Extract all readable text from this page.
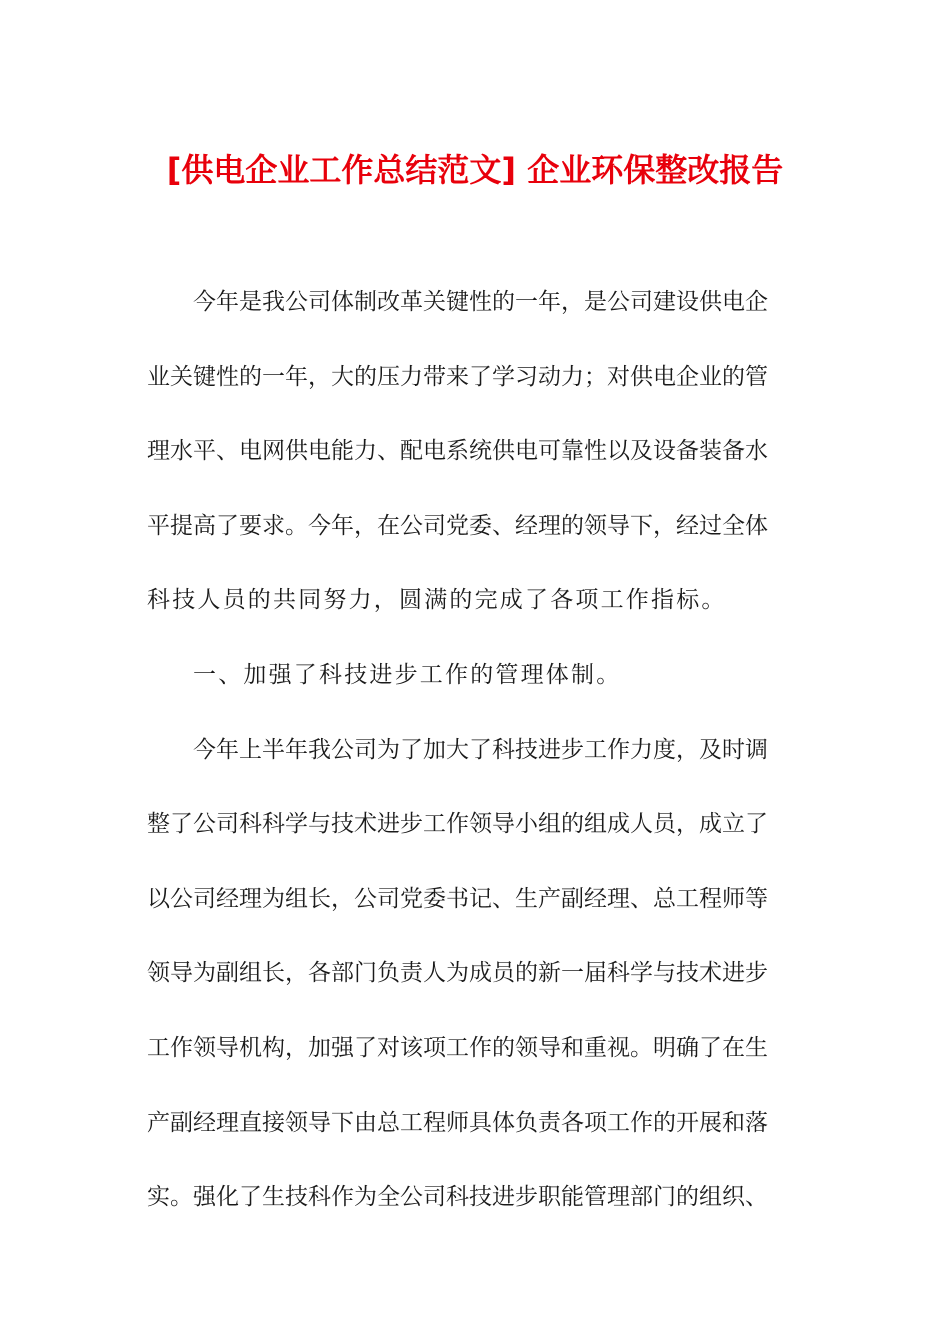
[供电企业工作总结范文] 企业环保整改报告
今年是我公司体制改革关键性的一年，是公司建设供电企
业关键性的一年，大的压力带来了学习动力；对供电企业的管
理水平、电网供电能力、配电系统供电可靠性以及设备装备水
平提高了要求。今年，在公司党委、经理的领导下，经过全体
科技人员的共同努力，圆满的完成了各项工作指标。
一、加强了科技进步工作的管理体制。
今年上半年我公司为了加大了科技进步工作力度，及时调
整了公司科科学与技术进步工作领导小组的组成人员，成立了
以公司经理为组长，公司党委书记、生产副经理、总工程师等
领导为副组长，各部门负责人为成员的新一届科学与技术进步
工作领导机构，加强了对该项工作的领导和重视。明确了在生
产副经理直接领导下由总工程师具体负责各项工作的开展和落
实。强化了生技科作为全公司科技进步职能管理部门的组织、
